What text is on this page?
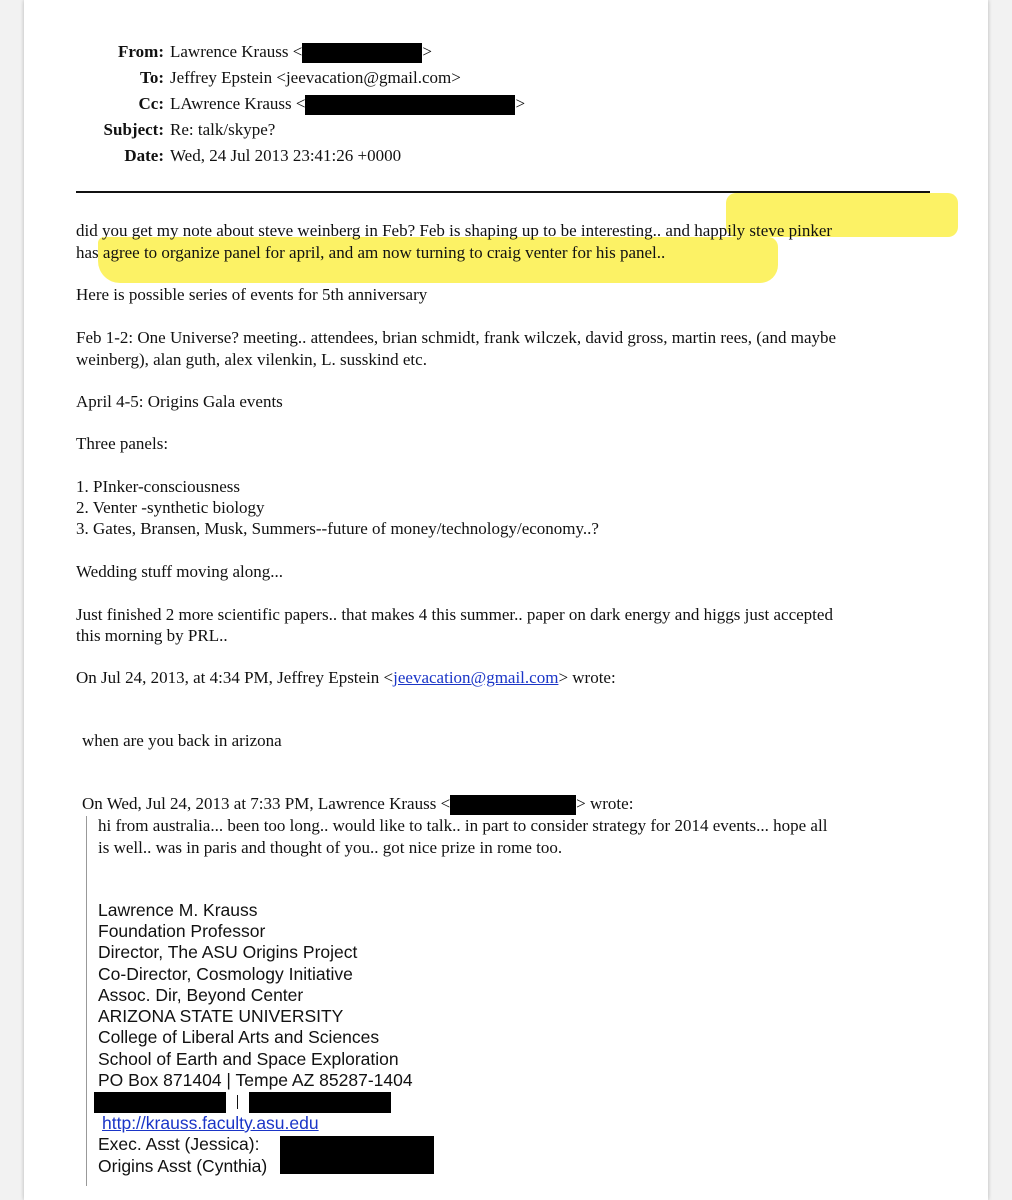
From: Lawrence Krauss <	>
To: Jeffrey Epstein <jeevacation@gmail.com>
Cc: LAwrence Krauss <	>
Subject: Re: talk/skype?
Date: Wed, 24 Jul 2013 23:41:26 +0000

did you get my note about steve weinberg in Feb? Feb is shaping up to be interesting.. and happily steve pinker

has agree to organize panel for april, and am now turning to craig venter for his panel..

Here is possible series of events for 5th anniversary

Feb 1-2: One Universe? meeting.. attendees, brian schmidt, frank wilczek, david gross, martin rees, (and maybe

weinberg), alan guth, alex vilenkin, L. susskind etc.

April 4-5: Origins Gala events

Three panels:

1. PInker-consciousness

2. Venter -synthetic biology

3. Gates, Bransen, Musk, Summers--future of money/technology/economy..?

Wedding stuff moving along...

Just finished 2 more scientific papers.. that makes 4 this summer.. paper on dark energy and higgs just accepted

this morning by PRL..

On Jul 24, 2013, at 4:34 PM, Jeffrey Epstein <jeevacation@gmail.com> wrote:

when are you back in arizona

On Wed, Jul 24, 2013 at 7:33 PM, Lawrence Krauss <	> wrote:

hi from australia... been too long.. would like to talk.. in part to consider strategy for 2014 events... hope all

is well.. was in paris and thought of you.. got nice prize in rome too.

Lawrence M. Krauss

Foundation Professor

Director, The ASU Origins Project

Co-Director, Cosmology Initiative

Assoc. Dir, Beyond Center

ARIZONA STATE UNIVERSITY

College of Liberal Arts and Sciences

School of Earth and Space Exploration

PO Box 871404 | Tempe AZ 85287-1404

http://krauss.faculty.asu.edu

Exec. Asst (Jessica):

Origins Asst (Cynthia)
